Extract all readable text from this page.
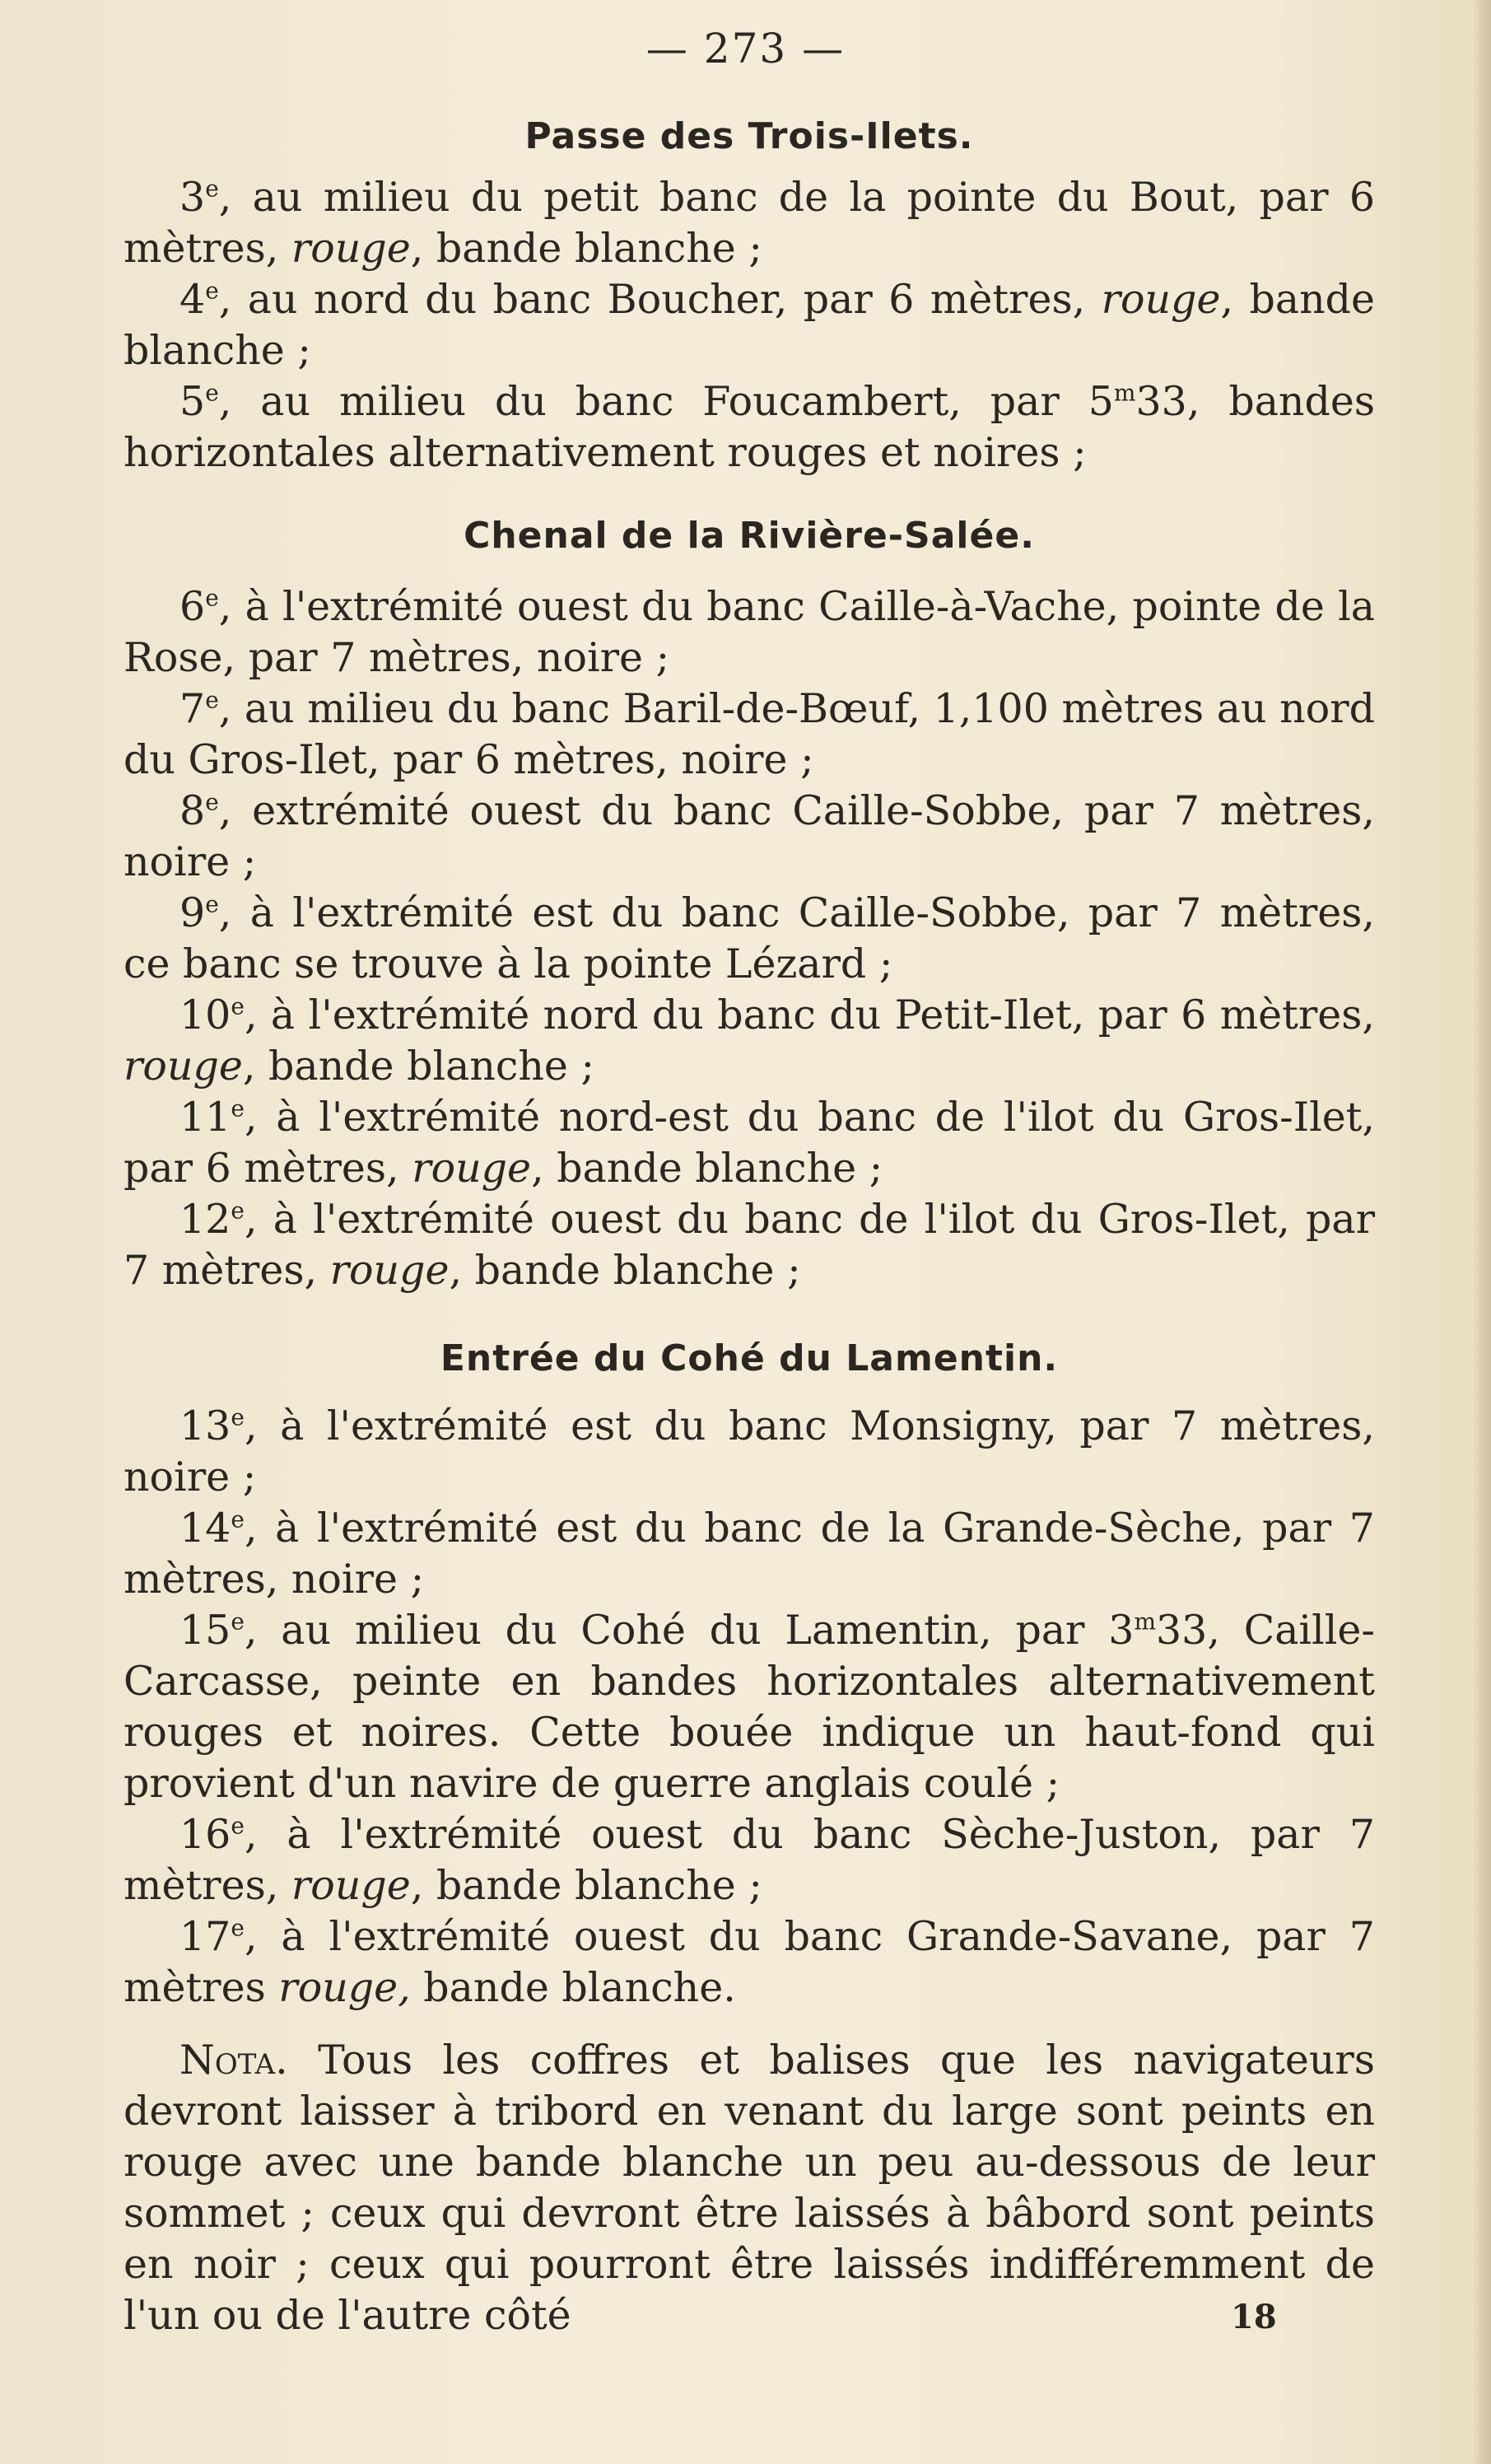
— 273 —
Passe des Trois-Ilets.

3e, au milieu du petit banc de la pointe du Bout, par 6 mètres, rouge, bande blanche ;

4e, au nord du banc Boucher, par 6 mètres, rouge, bande blanche ;

5e, au milieu du banc Foucambert, par 5$^m$33, bandes horizontales alternativement rouges et noires ;

Chenal de la Rivière-Salée.

6e, à l'extrémité ouest du banc Caille-à-Vache, pointe de la Rose, par 7 mètres, noire ;

7e, au milieu du banc Baril-de-Bœuf, 1,100 mètres au nord du Gros-Ilet, par 6 mètres, noire ;

8e, extrémité ouest du banc Caille-Sobbe, par 7 mètres, noire ;

9e, à l'extrémité est du banc Caille-Sobbe, par 7 mètres, ce banc se trouve à la pointe Lézard ;

10e, à l'extrémité nord du banc du Petit-Ilet, par 6 mètres, rouge, bande blanche ;

11e, à l'extrémité nord-est du banc de l'ilot du Gros-Ilet, par 6 mètres, rouge, bande blanche ;

12e, à l'extrémité ouest du banc de l'ilot du Gros-Ilet, par 7 mètres, rouge, bande blanche ;

Entrée du Cohé du Lamentin.

13e, à l'extrémité est du banc Monsigny, par 7 mètres, noire ;

14e, à l'extrémité est du banc de la Grande-Sèche, par 7 mètres, noire ;

15e, au milieu du Cohé du Lamentin, par 3$^m$33, Caille-Carcasse, peinte en bandes horizontales alternativement rouges et noires. Cette bouée indique un haut-fond qui provient d'un navire de guerre anglais coulé ;

16e, à l'extrémité ouest du banc Sèche-Juston, par 7 mètres, rouge, bande blanche ;

17e, à l'extrémité ouest du banc Grande-Savane, par 7 mètres rouge, bande blanche.

Nota. Tous les coffres et balises que les navigateurs devront laisser à tribord en venant du large sont peints en rouge avec une bande blanche un peu au-dessous de leur sommet ; ceux qui devront être laissés à bâbord sont peints en noir ; ceux qui pourront être laissés indifféremment de l'un ou de l'autre côté	18
